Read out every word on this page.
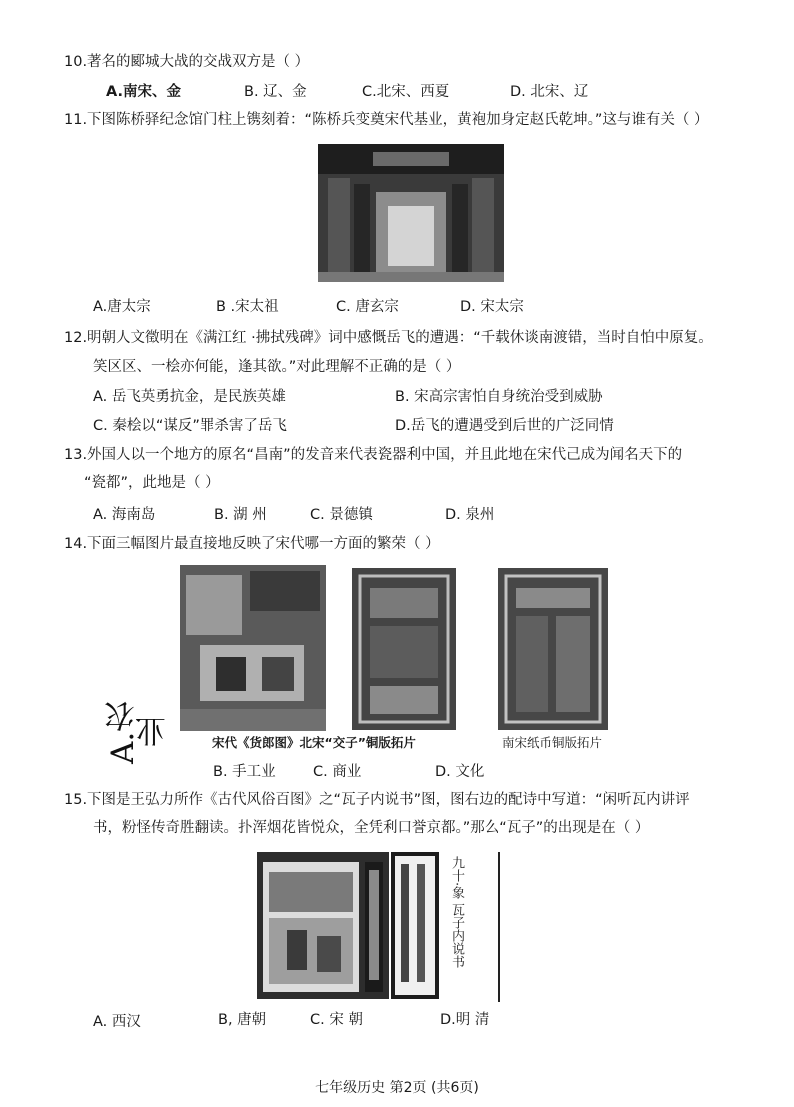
10.著名的郾城大战的交战双方是（ ）
A.南宋、金	B. 辽、金	C.北宋、西夏	D. 北宋、辽
11.下图陈桥驿纪念馆门柱上镌刻着：“陈桥兵变奠宋代基业，黄袍加身定赵氏乾坤。”这与谁有关（ ）
A.唐太宗	B .宋太祖	C. 唐玄宗	D. 宋太宗
12.明朝人文徵明在《满江红 ·拂拭残碑》词中感慨岳飞的遭遇：“千载休谈南渡错，当时自怕中原复。
笑区区、一桧亦何能，逢其欲。”对此理解不正确的是（ ）
A. 岳飞英勇抗金，是民族英雄	B. 宋高宗害怕自身统治受到威胁
C. 秦桧以“谋反”罪杀害了岳飞	D.岳飞的遭遇受到后世的广泛同情
13.外国人以一个地方的原名“昌南”的发音来代表瓷器利中国，并且此地在宋代己成为闻名天下的
“瓷都”，此地是（ ）
A. 海南岛	B. 湖 州	C. 景德镇	D. 泉州
14.下面三幅图片最直接地反映了宋代哪一方面的繁荣（ ）
A.农业	宋代《货郎图》北宋“交子”铜版拓片	南宋纸币铜版拓片
B. 手工业	C. 商业	D. 文化
15.下图是王弘力所作《古代风俗百图》之“瓦子内说书”图，图右边的配诗中写道：“闲听瓦内讲评
书，粉怪传奇胜翻读。扑浑烟花皆悦众，全凭利口誉京都。”那么“瓦子”的出现是在（ ）
九十·象 瓦子内说书
A. 西汉	B, 唐朝	C. 宋 朝	D.明 清
七年级历史 第2页 (共6页)
